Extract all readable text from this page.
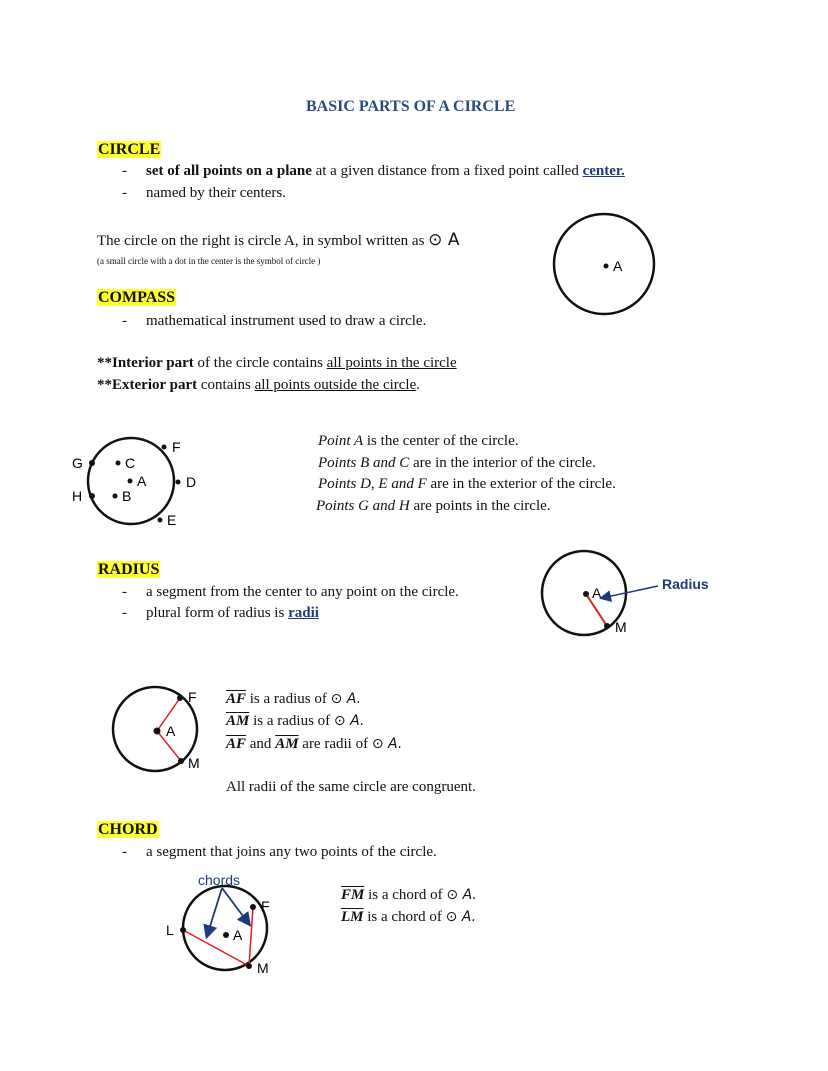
BASIC PARTS OF A CIRCLE
CIRCLE
- set of all points on a plane at a given distance from a fixed point called center.
- named by their centers.
The circle on the right is circle A, in symbol written as ⊙ A
(a small circle with a dot in the center is the symbol of circle )
COMPASS
- mathematical instrument used to draw a circle.
**Interior part of the circle contains all points in the circle
**Exterior part contains all points outside the circle.
Point A is the center of the circle.
Points B and C are in the interior of the circle.
Points D, E and F are in the exterior of the circle.
Points G and H are points in the circle.
RADIUS
- a segment from the center to any point on the circle.
- plural form of radius is radii
$\overline{AF}$ is a radius of ⊙ A.
$\overline{AM}$ is a radius of ⊙ A.
$\overline{AF}$ and $\overline{AM}$ are radii of ⊙ A.
All radii of the same circle are congruent.
CHORD
- a segment that joins any two points of the circle.
$\overline{FM}$ is a chord of ⊙ A.
$\overline{LM}$ is a chord of ⊙ A.
A
G
H
C
A
B
F
D
E
A
M
Radius
A
F
M
L	A
F
M
chords
